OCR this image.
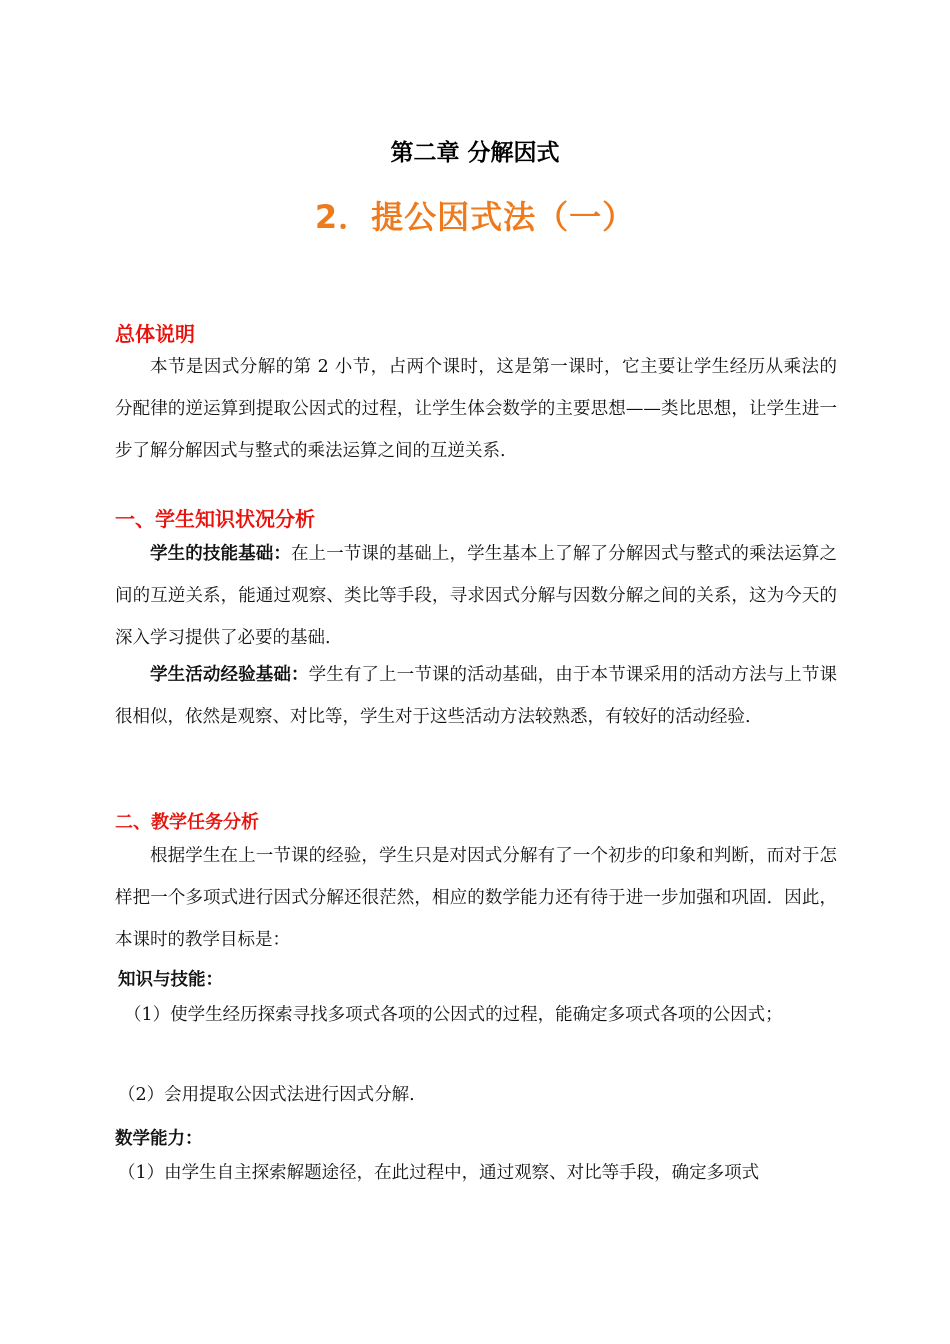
第二章 分解因式
2．提公因式法（一）
总体说明
本节是因式分解的第 2 小节，占两个课时，这是第一课时，它主要让学生经历从乘法的分配律的逆运算到提取公因式的过程，让学生体会数学的主要思想——类比思想，让学生进一步了解分解因式与整式的乘法运算之间的互逆关系.
一、学生知识状况分析
学生的技能基础：在上一节课的基础上，学生基本上了解了分解因式与整式的乘法运算之间的互逆关系，能通过观察、类比等手段，寻求因式分解与因数分解之间的关系，这为今天的深入学习提供了必要的基础.
学生活动经验基础：学生有了上一节课的活动基础，由于本节课采用的活动方法与上节课很相似，依然是观察、对比等，学生对于这些活动方法较熟悉，有较好的活动经验.
二、教学任务分析
根据学生在上一节课的经验，学生只是对因式分解有了一个初步的印象和判断，而对于怎样把一个多项式进行因式分解还很茫然，相应的数学能力还有待于进一步加强和巩固．因此，本课时的教学目标是：
知识与技能：
（1）使学生经历探索寻找多项式各项的公因式的过程，能确定多项式各项的公因式；
（2）会用提取公因式法进行因式分解.
数学能力：
（1）由学生自主探索解题途径，在此过程中，通过观察、对比等手段，确定多项式
